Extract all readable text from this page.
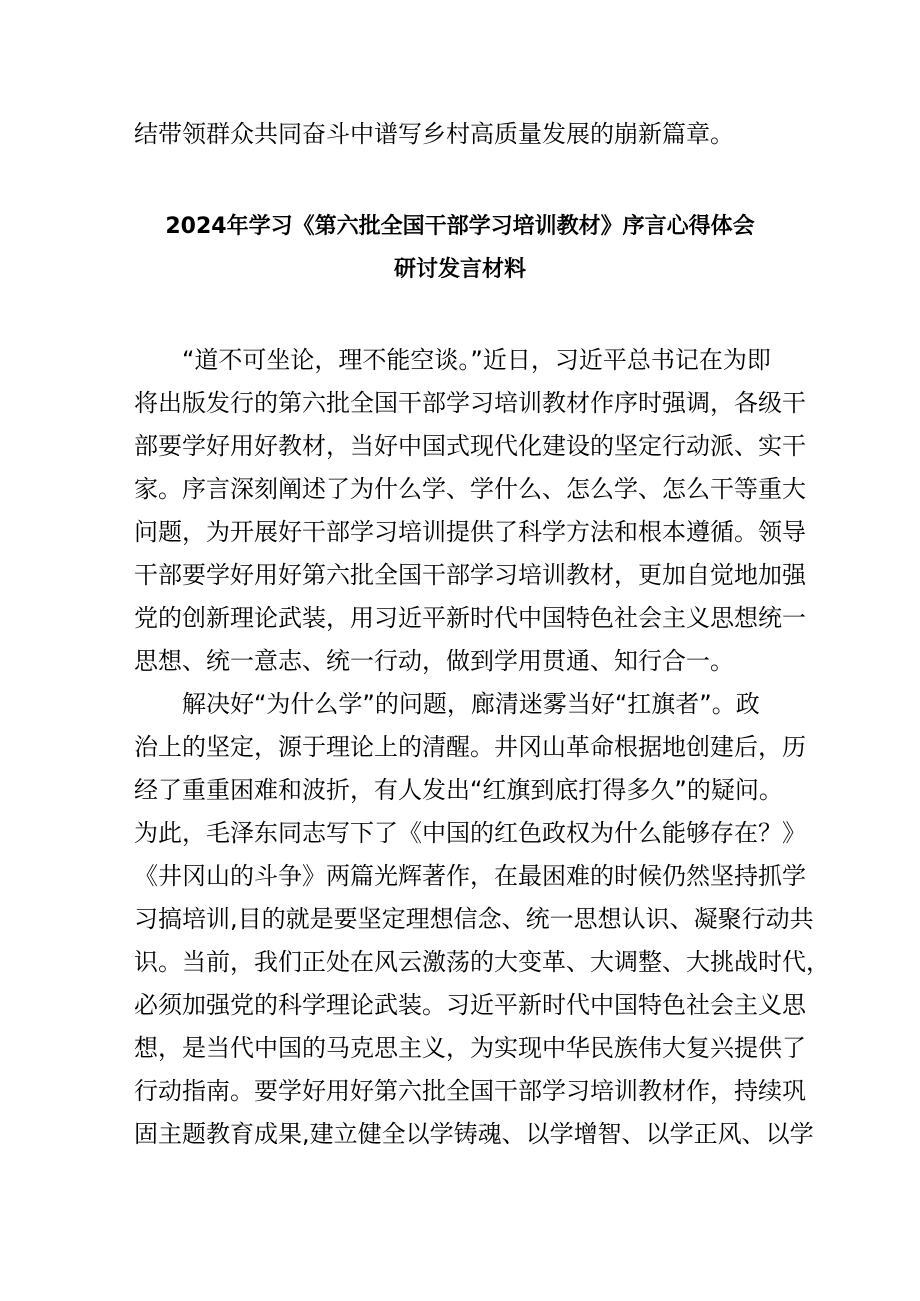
结带领群众共同奋斗中谱写乡村高质量发展的崩新篇章。
2024年学习《第六批全国干部学习培训教材》序言心得体会
研讨发言材料
“道不可坐论，理不能空谈。”近日，习近平总书记在为即
将出版发行的第六批全国干部学习培训教材作序时强调，各级干
部要学好用好教材，当好中国式现代化建设的坚定行动派、实干
家。序言深刻阐述了为什么学、学什么、怎么学、怎么干等重大
问题，为开展好干部学习培训提供了科学方法和根本遵循。领导
干部要学好用好第六批全国干部学习培训教材，更加自觉地加强
党的创新理论武装，用习近平新时代中国特色社会主义思想统一
思想、统一意志、统一行动，做到学用贯通、知行合一。
解决好“为什么学”的问题，廊清迷雾当好“扛旗者”。政
治上的坚定，源于理论上的清醒。井冈山革命根据地创建后，历
经了重重困难和波折，有人发出“红旗到底打得多久”的疑问。
为此，毛泽东同志写下了《中国的红色政权为什么能够存在？》
《井冈山的斗争》两篇光辉著作，在最困难的时候仍然坚持抓学
习搞培训,目的就是要坚定理想信念、统一思想认识、凝聚行动共
识。当前，我们正处在风云激荡的大变革、大调整、大挑战时代，
必须加强党的科学理论武装。习近平新时代中国特色社会主义思
想，是当代中国的马克思主义，为实现中华民族伟大复兴提供了
行动指南。要学好用好第六批全国干部学习培训教材作，持续巩
固主题教育成果,建立健全以学铸魂、以学增智、以学正风、以学
